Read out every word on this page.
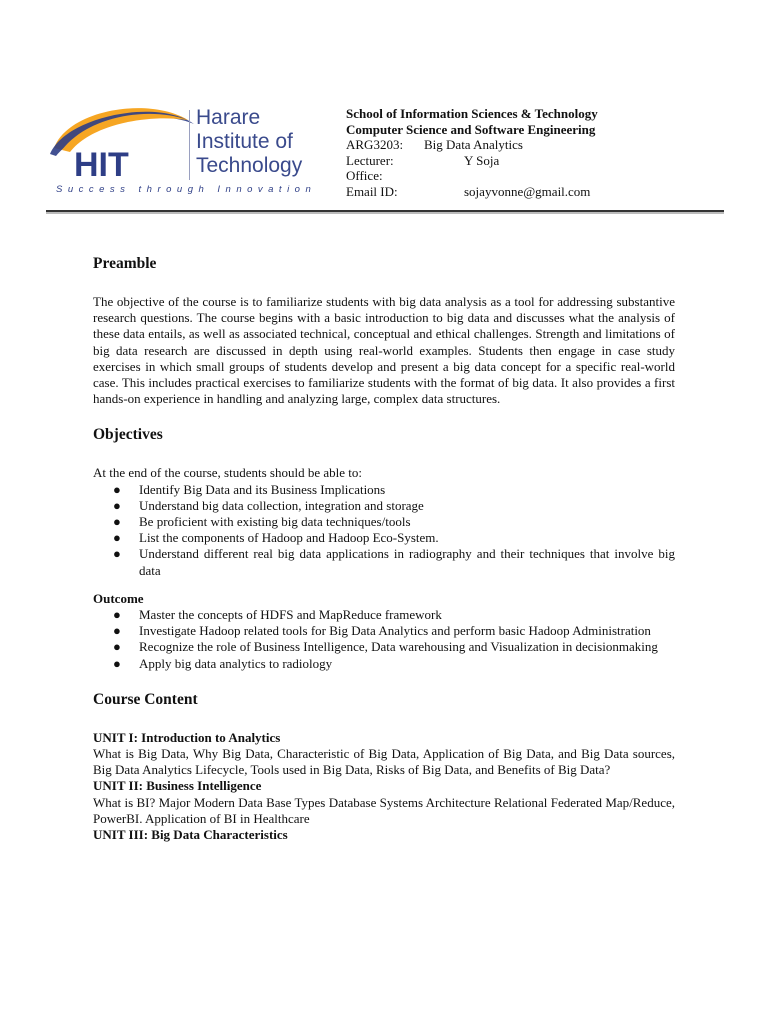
HIT
Harare
Institute of
Technology
Success through Innovation
School of Information Sciences & Technology
Computer Science and Software Engineering
ARG3203:	Big Data Analytics
Lecturer:	Y Soja
Office:
Email ID:	sojayvonne@gmail.com
Preamble

The objective of the course is to familiarize students with big data analysis as a tool for addressing substantive research questions. The course begins with a basic introduction to big data and discusses what the analysis of these data entails, as well as associated technical, conceptual and ethical challenges. Strength and limitations of big data research are discussed in depth using real-world examples. Students then engage in case study exercises in which small groups of students develop and present a big data concept for a specific real-world case. This includes practical exercises to familiarize students with the format of big data. It also provides a first hands-on experience in handling and analyzing large, complex data structures.

Objectives
At the end of the course, students should be able to:
● Identify Big Data and its Business Implications
● Understand big data collection, integration and storage
● Be proficient with existing big data techniques/tools
● List the components of Hadoop and Hadoop Eco-System.
● Understand different real big data applications in radiography and their techniques that involve big data
Outcome
● Master the concepts of HDFS and MapReduce framework
● Investigate Hadoop related tools for Big Data Analytics and perform basic Hadoop Administration
● Recognize the role of Business Intelligence, Data warehousing and Visualization in decisionmaking
● Apply big data analytics to radiology
Course Content
UNIT I: Introduction to Analytics

What is Big Data, Why Big Data, Characteristic of Big Data, Application of Big Data, and Big Data sources, Big Data Analytics Lifecycle, Tools used in Big Data, Risks of Big Data, and Benefits of Big Data?

UNIT II: Business Intelligence

What is BI? Major Modern Data Base Types Database Systems Architecture Relational Federated Map/Reduce, PowerBI. Application of BI in Healthcare

UNIT III: Big Data Characteristics
